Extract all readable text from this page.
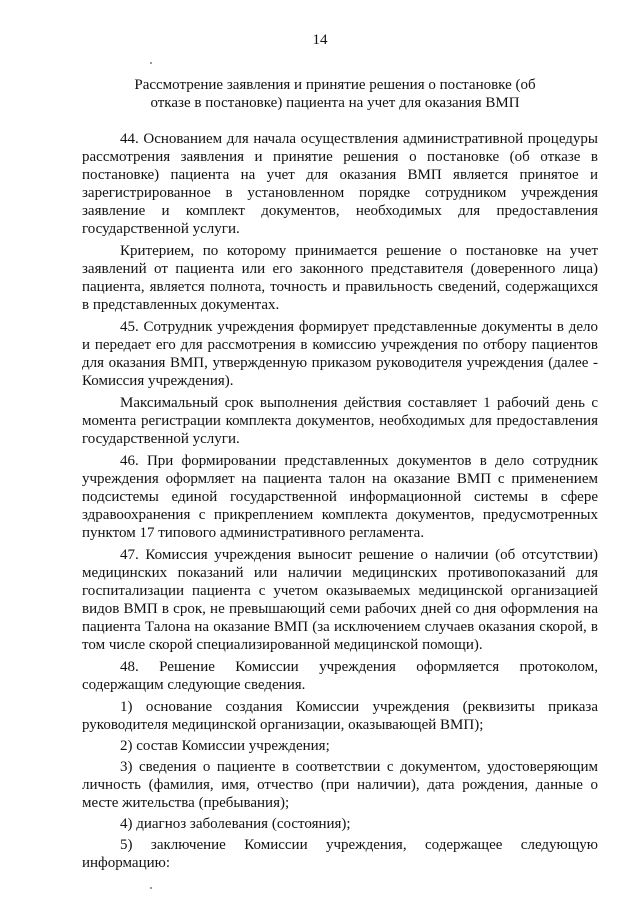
14
Рассмотрение заявления и принятие решения о постановке (об отказе в постановке) пациента на учет для оказания ВМП

44. Основанием для начала осуществления административной процедуры рассмотрения заявления и принятие решения о постановке (об отказе в постановке) пациента на учет для оказания ВМП является принятое и зарегистрированное в установленном порядке сотрудником учреждения заявление и комплект документов, необходимых для предоставления государственной услуги.

Критерием, по которому принимается решение о постановке на учет заявлений от пациента или его законного представителя (доверенного лица) пациента, является полнота, точность и правильность сведений, содержащихся в представленных документах.

45. Сотрудник учреждения формирует представленные документы в дело и передает его для рассмотрения в комиссию учреждения по отбору пациентов для оказания ВМП, утвержденную приказом руководителя учреждения (далее - Комиссия учреждения).

Максимальный срок выполнения действия составляет 1 рабочий день с момента регистрации комплекта документов, необходимых для предоставления государственной услуги.

46. При формировании представленных документов в дело сотрудник учреждения оформляет на пациента талон на оказание ВМП с применением подсистемы единой государственной информационной системы в сфере здравоохранения с прикреплением комплекта документов, предусмотренных пунктом 17 типового административного регламента.

47. Комиссия учреждения выносит решение о наличии (об отсутствии) медицинских показаний или наличии медицинских противопоказаний для госпитализации пациента с учетом оказываемых медицинской организацией видов ВМП в срок, не превышающий семи рабочих дней со дня оформления на пациента Талона на оказание ВМП (за исключением случаев оказания скорой, в том числе скорой специализированной медицинской помощи).

48. Решение Комиссии учреждения оформляется протоколом, содержащим следующие сведения.

1) основание создания Комиссии учреждения (реквизиты приказа руководителя медицинской организации, оказывающей ВМП);

2) состав Комиссии учреждения;

3) сведения о пациенте в соответствии с документом, удостоверяющим личность (фамилия, имя, отчество (при наличии), дата рождения, данные о месте жительства (пребывания);

4) диагноз заболевания (состояния);

5) заключение Комиссии учреждения, содержащее следующую информацию:
